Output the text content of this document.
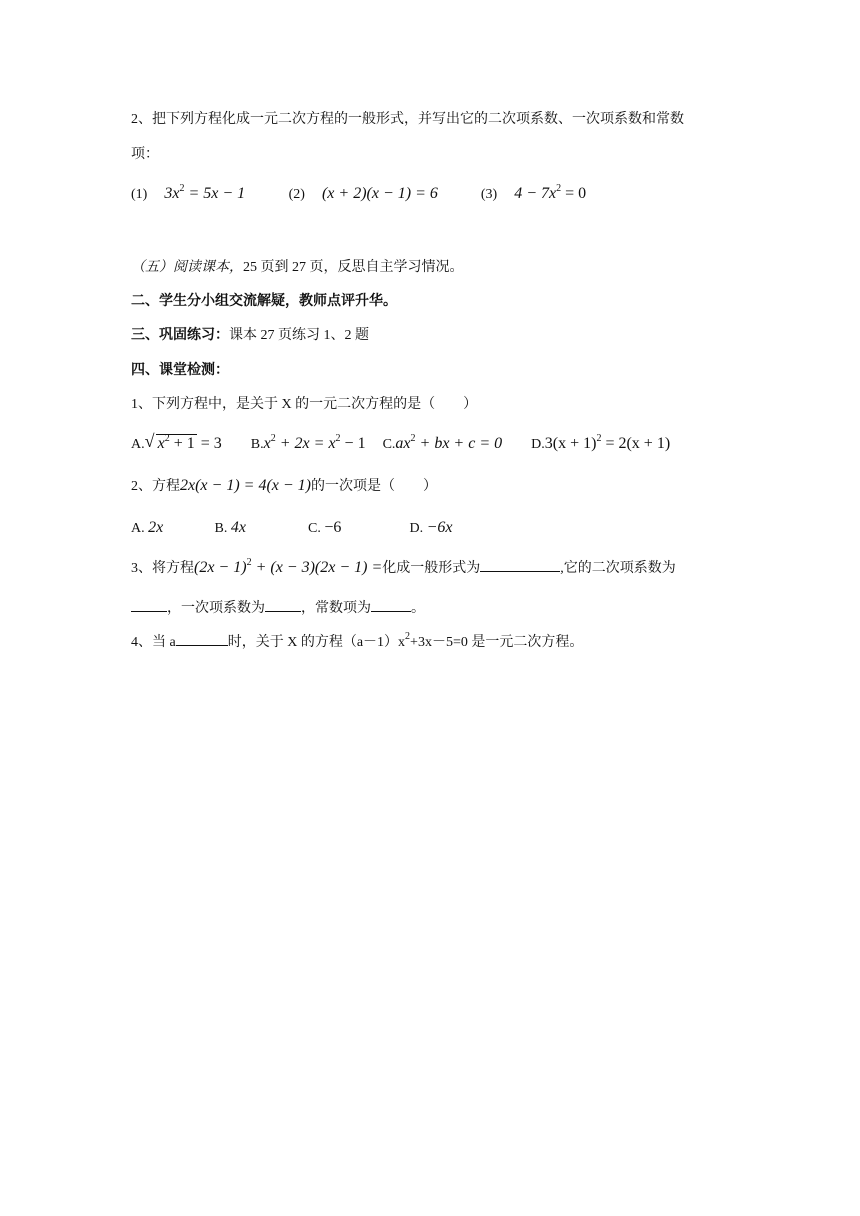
2、把下列方程化成一元二次方程的一般形式，并写出它的二次项系数、一次项系数和常数
项：
(1) $3x^2 = 5x - 1$	(2) (x + 2)(x − 1) = 6	(3) $4 - 7x^2 = 0$
（五）阅读课本，25 页到 27 页，反思自主学习情况。
二、学生分小组交流解疑，教师点评升华。
三、巩固练习：课本 27 页练习 1、2 题
四、课堂检测：
1、下列方程中，是关于 X 的一元二次方程的是（　　）
A. √ $x^2 + 1 = 3$ $B.x^2 + 2x = x^2 - 1$ $C.ax^2$ + bx + c = 0 $D.3(x + 1)^2 = 2(x + 1)$
2、方程2x(x − 1) = 4(x − 1)的一次项是（　　）
A. 2x	B. 4x	C. −6	D. −6x
3、将方程$(2x - 1)^2 + (x - 3)(2x - 1)$ =化成一般形式为	,它的二次项系数为
，一次项系数为	，常数项为	。
4、当 a	时，关于 X 的方程$(a-1)x^2+3x-5=0$ 是一元二次方程。
